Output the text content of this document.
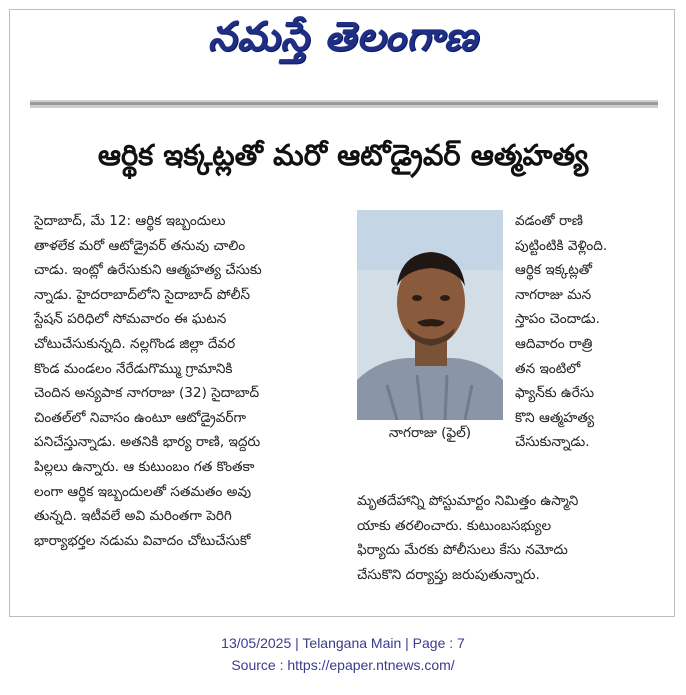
నమస్తే తెలంగాణ
ఆర్థిక ఇక్కట్లతో మరో ఆటోడ్రైవర్ ఆత్మహత్య
సైదాబాద్, మే 12: ఆర్థిక ఇబ్బందులు
తాళలేక మరో ఆటోడ్రైవర్ తనువు చాలిం
చాడు. ఇంట్లో ఉరేసుకుని ఆత్మహత్య చేసుకు
న్నాడు. హైదరాబాద్‌లోని సైదాబాద్ పోలీస్
స్టేషన్ పరిధిలో సోమవారం ఈ ఘటన
చోటుచేసుకున్నది. నల్లగొండ జిల్లా దేవర
కొండ మండలం నేరేడుగొమ్ము గ్రామానికి
చెందిన అన్యపాక నాగరాజు (32) సైదాబాద్
చింతల్‌లో నివాసం ఉంటూ ఆటోడ్రైవర్‌గా
పనిచేస్తున్నాడు. అతనికి భార్య రాణి, ఇద్దరు
పిల్లలు ఉన్నారు. ఆ కుటుంబం గత కొంతకా
లంగా ఆర్థిక ఇబ్బందులతో సతమతం అవు
తున్నది. ఇటీవలే అవి మరింతగా పెరిగి
భార్యాభర్తల నడుమ వివాదం చోటుచేసుకో
నాగరాజు (ఫైల్)
వడంతో రాణి
పుట్టింటికి వెళ్లింది.
ఆర్థిక ఇక్కట్లతో
నాగరాజు మన
స్తాపం చెందాడు.
ఆదివారం రాత్రి
తన ఇంటిలో
ఫ్యాన్‌కు ఉరేసు
కొని ఆత్మహత్య
చేసుకున్నాడు.
మృతదేహాన్ని పోస్టుమార్టం నిమిత్తం ఉస్మాని
యాకు తరలించారు. కుటుంబసభ్యుల
ఫిర్యాదు మేరకు పోలీసులు కేసు నమోదు
చేసుకొని దర్యాప్తు జరుపుతున్నారు.
13/05/2025 | Telangana Main | Page : 7
Source : https://epaper.ntnews.com/
